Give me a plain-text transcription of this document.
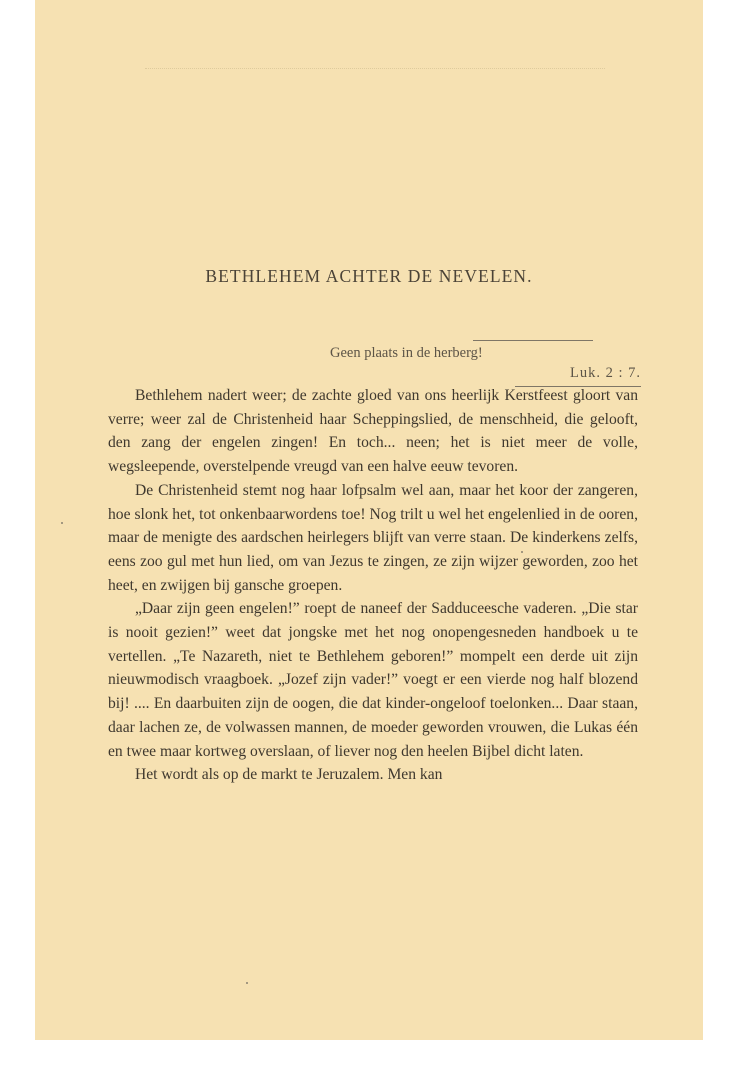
BETHLEHEM ACHTER DE NEVELEN.
Geen plaats in de herberg!
Luk. 2 : 7.

Bethlehem nadert weer; de zachte gloed van ons heerlijk Kerstfeest gloort van verre; weer zal de Christenheid haar Scheppingslied, de menschheid, die gelooft, den zang der engelen zingen! En toch... neen; het is niet meer de volle, wegsleepende, overstelpende vreugd van een halve eeuw tevoren.

De Christenheid stemt nog haar lofpsalm wel aan, maar het koor der zangeren, hoe slonk het, tot onkenbaarwordens toe! Nog trilt u wel het engelenlied in de ooren, maar de menigte des aardschen heirlegers blijft van verre staan. De kinderkens zelfs, eens zoo gul met hun lied, om van Jezus te zingen, ze zijn wijzer geworden, zoo het heet, en zwijgen bij gansche groepen.

„Daar zijn geen engelen!” roept de naneef der Sadduceesche vaderen. „Die star is nooit gezien!” weet dat jongske met het nog onopengesneden handboek u te vertellen. „Te Nazareth, niet te Bethlehem geboren!” mompelt een derde uit zijn nieuwmodisch vraagboek. „Jozef zijn vader!” voegt er een vierde nog half blozend bij! .... En daarbuiten zijn de oogen, die dat kinder-ongeloof toelonken... Daar staan, daar lachen ze, de volwassen mannen, de moeder geworden vrouwen, die Lukas één en twee maar kortweg overslaan, of liever nog den heelen Bijbel dicht laten.

Het wordt als op de markt te Jeruzalem. Men kan
